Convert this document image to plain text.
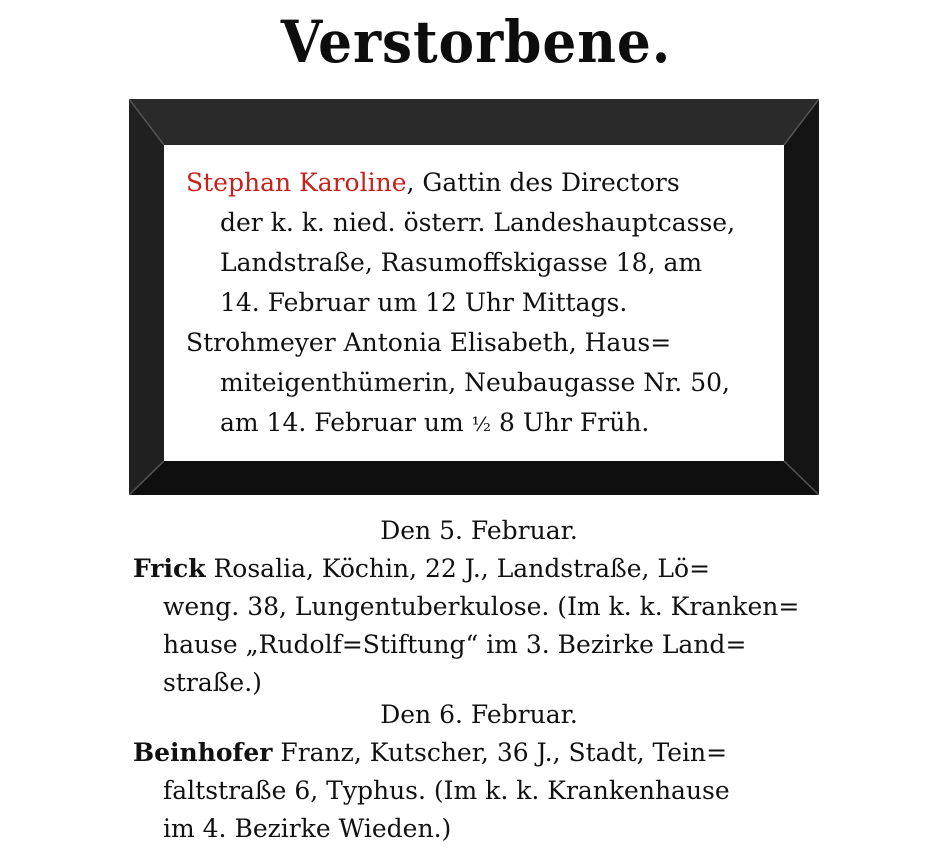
Verstorbene.

Stephan Karoline, Gattin des Directors
der k. k. nied. österr. Landeshauptcasse,
Landstraße, Rasumoffskigasse 18, am
14. Februar um 12 Uhr Mittags.

Strohmeyer Antonia Elisabeth, Haus=
miteigenthümerin, Neubaugasse Nr. 50,
am 14. Februar um ½ 8 Uhr Früh.

Den 5. Februar.

Frick Rosalia, Köchin, 22 J., Landstraße, Lö=
weng. 38, Lungentuberkulose. (Im k. k. Kranken=
hause „Rudolf=Stiftung“ im 3. Bezirke Land=
straße.)

Den 6. Februar.

Beinhofer Franz, Kutscher, 36 J., Stadt, Tein=
faltstraße 6, Typhus. (Im k. k. Krankenhause
im 4. Bezirke Wieden.)
